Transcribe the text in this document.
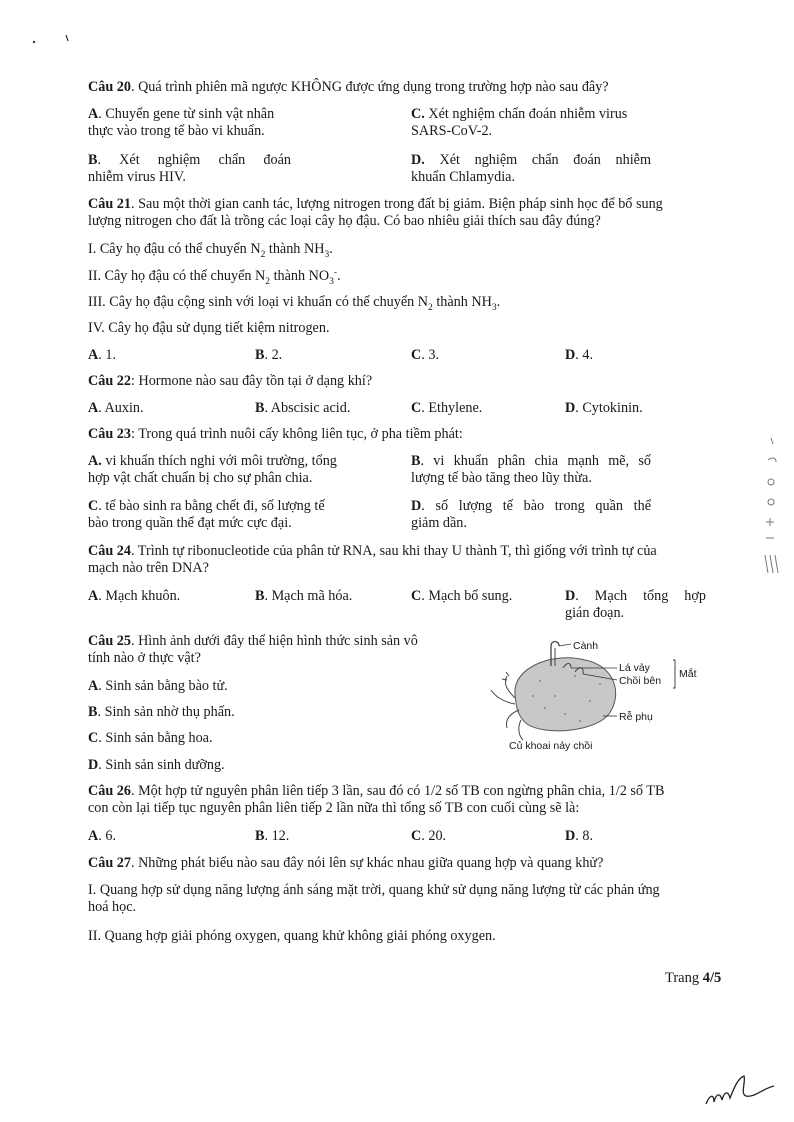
Câu 20. Quá trình phiên mã ngược KHÔNG được ứng dụng trong trường hợp nào sau đây?
A. Chuyển gene từ sinh vật nhân
thực vào trong tế bào vi khuẩn.
C. Xét nghiệm chẩn đoán nhiễm virus
SARS-CoV-2.
B. Xét nghiệm chẩn đoán
nhiễm virus HIV.
D. Xét nghiệm chẩn đoán nhiễm
khuẩn Chlamydia.
Câu 21. Sau một thời gian canh tác, lượng nitrogen trong đất bị giảm. Biện pháp sinh học để bổ sung
lượng nitrogen cho đất là trồng các loại cây họ đậu. Có bao nhiêu giải thích sau đây đúng?
I. Cây họ đậu có thể chuyển $N_2$ thành $NH_3$.
II. Cây họ đậu có thể chuyển $N_2$ thành $NO_3^-$.
III. Cây họ đậu cộng sinh với loại vi khuẩn có thể chuyển $N_2$ thành $NH_3$.
IV. Cây họ đậu sử dụng tiết kiệm nitrogen.
A. 1.	B. 2.	C. 3.	D. 4.
Câu 22: Hormone nào sau đây tồn tại ở dạng khí?
A. Auxin.	B. Abscisic acid.	C. Ethylene.	D. Cytokinin.
Câu 23: Trong quá trình nuôi cấy không liên tục, ở pha tiềm phát:
A. vi khuẩn thích nghi với môi trường, tổng
hợp vật chất chuẩn bị cho sự phân chia.
B. vi khuẩn phân chia mạnh mẽ, số
lượng tế bào tăng theo lũy thừa.
C. tế bào sinh ra bằng chết đi, số lượng tế
bào trong quần thể đạt mức cực đại.
D. số lượng tế bào trong quần thể
giảm dần.
Câu 24. Trình tự ribonucleotide của phân tử RNA, sau khi thay U thành T, thì giống với trình tự của
mạch nào trên DNA?
A. Mạch khuôn.	B. Mạch mã hóa.	C. Mạch bổ sung.	D. Mạch tổng hợp
gián đoạn.
Câu 25. Hình ảnh dưới đây thể hiện hình thức sinh sản vô
tính nào ở thực vật?
A. Sinh sản bằng bào tử.
B. Sinh sản nhờ thụ phấn.
C. Sinh sản bằng hoa.
D. Sinh sản sinh dưỡng.
Cành
Lá vảy
Chồi bên
Mắt
Rễ phụ
Củ khoai nảy chồi
Câu 26. Một hợp tử nguyên phân liên tiếp 3 lần, sau đó có 1/2 số TB con ngừng phân chia, 1/2 số TB
con còn lại tiếp tục nguyên phân liên tiếp 2 lần nữa thì tổng số TB con cuối cùng sẽ là:
A. 6.	B. 12.	C. 20.	D. 8.
Câu 27. Những phát biểu nào sau đây nói lên sự khác nhau giữa quang hợp và quang khử?
I. Quang hợp sử dụng năng lượng ánh sáng mặt trời, quang khử sử dụng năng lượng từ các phản ứng
hoá học.
II. Quang hợp giải phóng oxygen, quang khử không giải phóng oxygen.
Trang 4/5
